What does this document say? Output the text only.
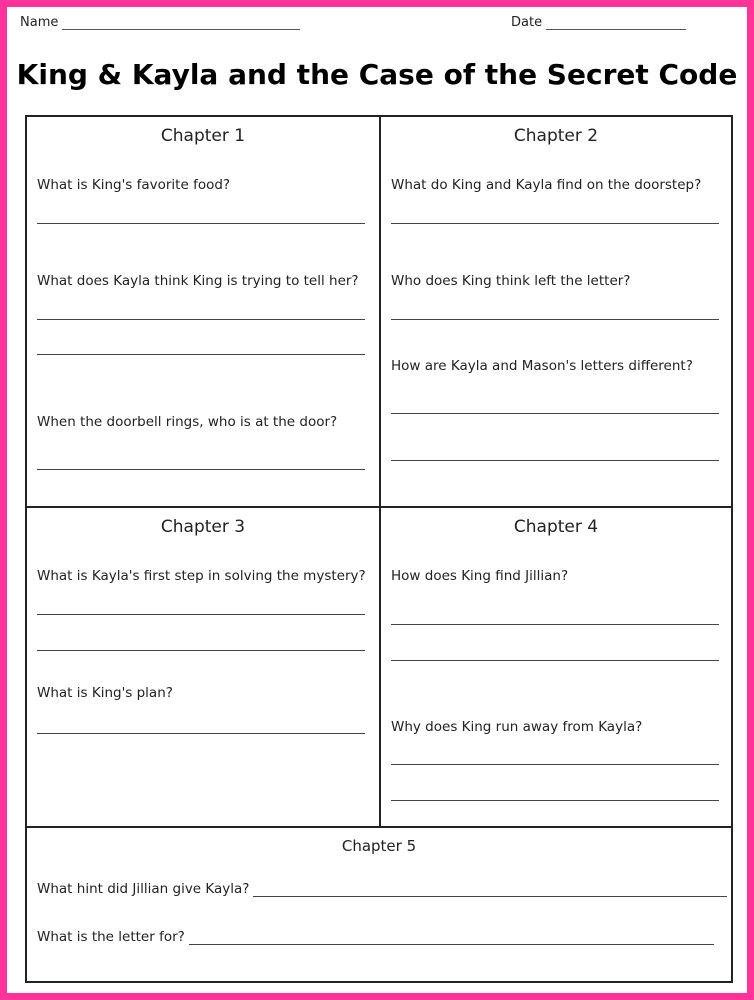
Name	Date
King & Kayla and the Case of the Secret Code
Chapter 1
What is King's favorite food?
What does Kayla think King is trying to tell her?
When the doorbell rings, who is at the door?
Chapter 2
What do King and Kayla find on the doorstep?
Who does King think left the letter?
How are Kayla and Mason's letters different?
Chapter 3
What is Kayla's first step in solving the mystery?
What is King's plan?
Chapter 4
How does King find Jillian?
Why does King run away from Kayla?
Chapter 5
What hint did Jillian give Kayla?
What is the letter for?
